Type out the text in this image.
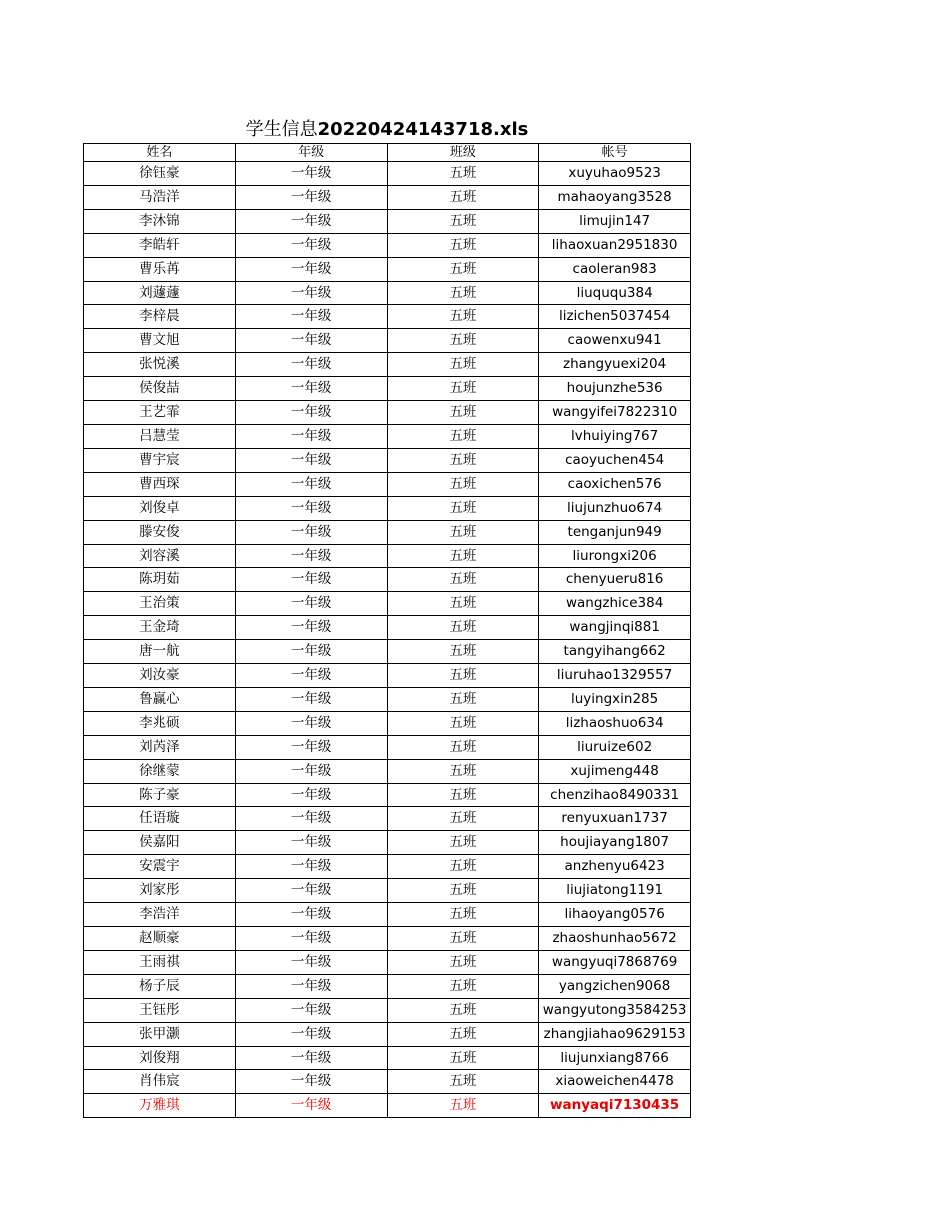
学生信息20220424143718.xls
姓名	年级	班级	帐号
徐钰豪	一年级	五班	xuyuhao9523
马浩洋	一年级	五班	mahaoyang3528
李沐锦	一年级	五班	limujin147
李皓轩	一年级	五班	lihaoxuan2951830
曹乐苒	一年级	五班	caoleran983
刘蘧蘧	一年级	五班	liuququ384
李梓晨	一年级	五班	lizichen5037454
曹文旭	一年级	五班	caowenxu941
张悦溪	一年级	五班	zhangyuexi204
侯俊喆	一年级	五班	houjunzhe536
王艺霏	一年级	五班	wangyifei7822310
吕慧莹	一年级	五班	lvhuiying767
曹宇宸	一年级	五班	caoyuchen454
曹西琛	一年级	五班	caoxichen576
刘俊卓	一年级	五班	liujunzhuo674
滕安俊	一年级	五班	tenganjun949
刘容溪	一年级	五班	liurongxi206
陈玥茹	一年级	五班	chenyueru816
王治策	一年级	五班	wangzhice384
王金琦	一年级	五班	wangjinqi881
唐一航	一年级	五班	tangyihang662
刘汝豪	一年级	五班	liuruhao1329557
鲁赢心	一年级	五班	luyingxin285
李兆硕	一年级	五班	lizhaoshuo634
刘芮泽	一年级	五班	liuruize602
徐继蒙	一年级	五班	xujimeng448
陈子豪	一年级	五班	chenzihao8490331
任语璇	一年级	五班	renyuxuan1737
侯嘉阳	一年级	五班	houjiayang1807
安震宇	一年级	五班	anzhenyu6423
刘家彤	一年级	五班	liujiatong1191
李浩洋	一年级	五班	lihaoyang0576
赵顺豪	一年级	五班	zhaoshunhao5672
王雨祺	一年级	五班	wangyuqi7868769
杨子辰	一年级	五班	yangzichen9068
王钰彤	一年级	五班	wangyutong3584253
张甲灏	一年级	五班	zhangjiahao9629153
刘俊翔	一年级	五班	liujunxiang8766
肖伟宸	一年级	五班	xiaoweichen4478
万雅琪	一年级	五班	wanyaqi7130435
